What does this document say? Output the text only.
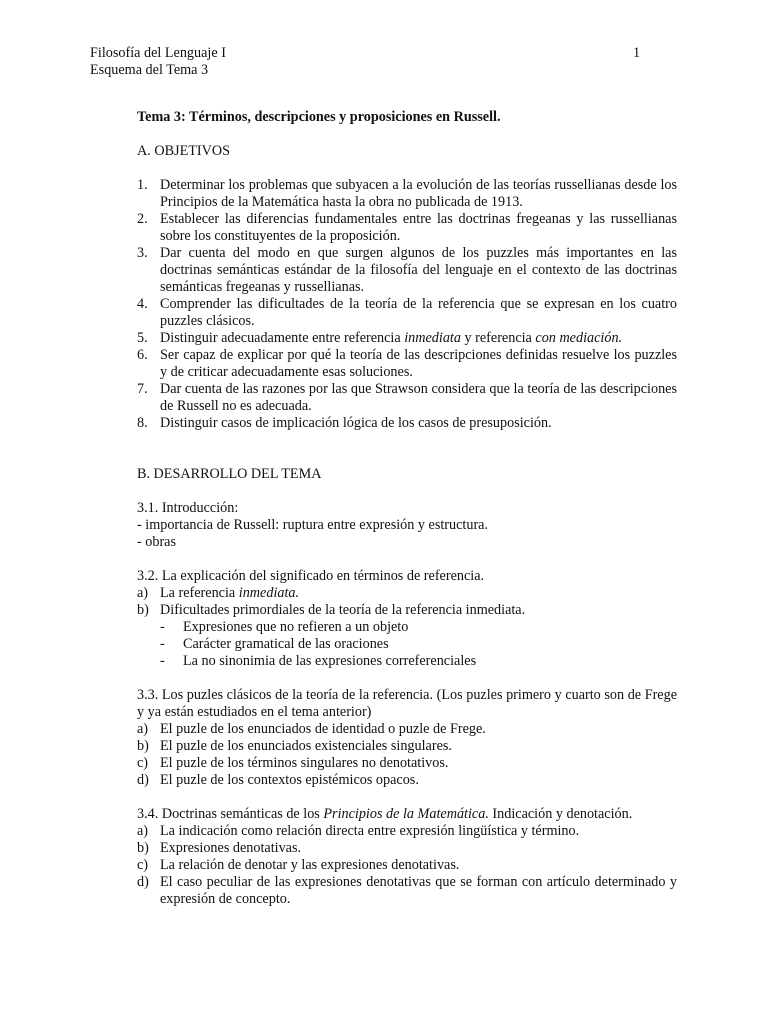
Filosofía del Lenguaje I
Esquema del Tema 3
1

Tema 3: Términos, descripciones y proposiciones en Russell.

A. OBJETIVOS

1. Determinar los problemas que subyacen a la evolución de las teorías russellianas desde los Principios de la Matemática hasta la obra no publicada de 1913.
2. Establecer las diferencias fundamentales entre las doctrinas fregeanas y las russellianas sobre los constituyentes de la proposición.
3. Dar cuenta del modo en que surgen algunos de los puzzles más importantes en las doctrinas semánticas estándar de la filosofía del lenguaje en el contexto de las doctrinas semánticas fregeanas y russellianas.
4. Comprender las dificultades de la teoría de la referencia que se expresan en los cuatro puzzles clásicos.
5. Distinguir adecuadamente entre referencia inmediata y referencia con mediación.
6. Ser capaz de explicar por qué la teoría de las descripciones definidas resuelve los puzzles y de criticar adecuadamente esas soluciones.
7. Dar cuenta de las razones por las que Strawson considera que la teoría de las descripciones de Russell no es adecuada.
8. Distinguir casos de implicación lógica de los casos de presuposición.

B. DESARROLLO DEL TEMA

3.1. Introducción:

- importancia de Russell: ruptura entre expresión y estructura.

- obras

3.2. La explicación del significado en términos de referencia.

a) La referencia inmediata.
b) Dificultades primordiales de la teoría de la referencia inmediata.
- Expresiones que no refieren a un objeto
- Carácter gramatical de las oraciones
- La no sinonimia de las expresiones correferenciales

3.3. Los puzles clásicos de la teoría de la referencia. (Los puzles primero y cuarto son de Frege y ya están estudiados en el tema anterior)

a) El puzle de los enunciados de identidad o puzle de Frege.
b) El puzle de los enunciados existenciales singulares.
c) El puzle de los términos singulares no denotativos.
d) El puzle de los contextos epistémicos opacos.

3.4. Doctrinas semánticas de los Principios de la Matemática. Indicación y denotación.

a) La indicación como relación directa entre expresión lingüística y término.
b) Expresiones denotativas.
c) La relación de denotar y las expresiones denotativas.
d) El caso peculiar de las expresiones denotativas que se forman con artículo determinado y expresión de concepto.
